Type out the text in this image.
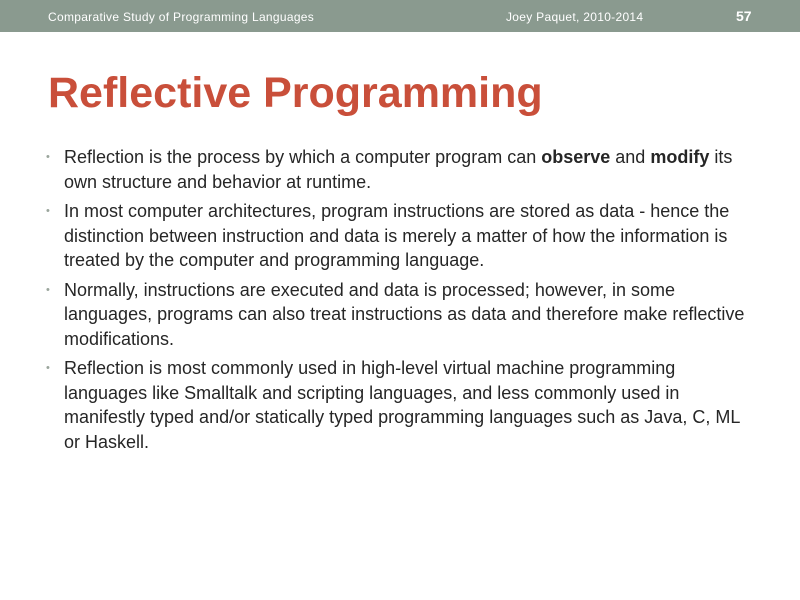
Comparative Study of Programming Languages	Joey Paquet, 2010-2014	57
Reflective Programming
• Reflection is the process by which a computer program can observe and modify its own structure and behavior at runtime.
• In most computer architectures, program instructions are stored as data - hence the distinction between instruction and data is merely a matter of how the information is treated by the computer and programming language.
• Normally, instructions are executed and data is processed; however, in some languages, programs can also treat instructions as data and therefore make reflective modifications.
• Reflection is most commonly used in high-level virtual machine programming languages like Smalltalk and scripting languages, and less commonly used in manifestly typed and/or statically typed programming languages such as Java, C, ML or Haskell.
